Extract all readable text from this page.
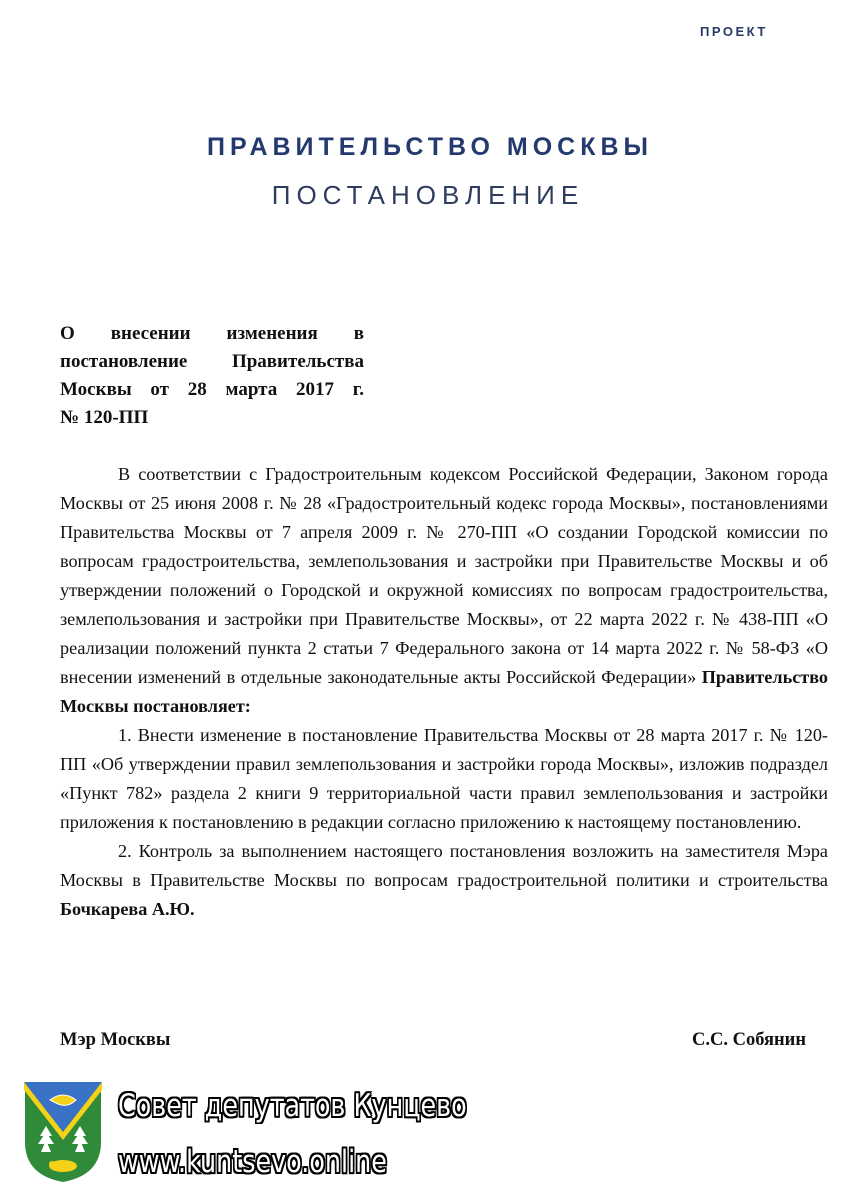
ПРОЕКТ
ПРАВИТЕЛЬСТВО МОСКВЫ
ПОСТАНОВЛЕНИЕ
О внесении изменения в постановление Правительства Москвы от 28 марта 2017 г.
№ 120-ПП

В соответствии с Градостроительным кодексом Российской Федерации, Законом города Москвы от 25 июня 2008 г. № 28 «Градостроительный кодекс города Москвы», постановлениями Правительства Москвы от 7 апреля 2009 г. № 270-ПП «О создании Городской комиссии по вопросам градостроительства, землепользования и застройки при Правительстве Москвы и об утверждении положений о Городской и окружной комиссиях по вопросам градостроительства, землепользования и застройки при Правительстве Москвы», от 22 марта 2022 г. № 438-ПП «О реализации положений пункта 2 статьи 7 Федерального закона от 14 марта 2022 г. № 58-ФЗ «О внесении изменений в отдельные законодательные акты Российской Федерации» Правительство Москвы постановляет:

1. Внести изменение в постановление Правительства Москвы от 28 марта 2017 г. № 120-ПП «Об утверждении правил землепользования и застройки города Москвы», изложив подраздел «Пункт 782» раздела 2 книги 9 территориальной части правил землепользования и застройки приложения к постановлению в редакции согласно приложению к настоящему постановлению.

2. Контроль за выполнением настоящего постановления возложить на заместителя Мэра Москвы в Правительстве Москвы по вопросам градостроительной политики и строительства Бочкарева А.Ю.

Мэр Москвы	С.С. Собянин
Совет депутатов Кунцево
www.kuntsevo.online
